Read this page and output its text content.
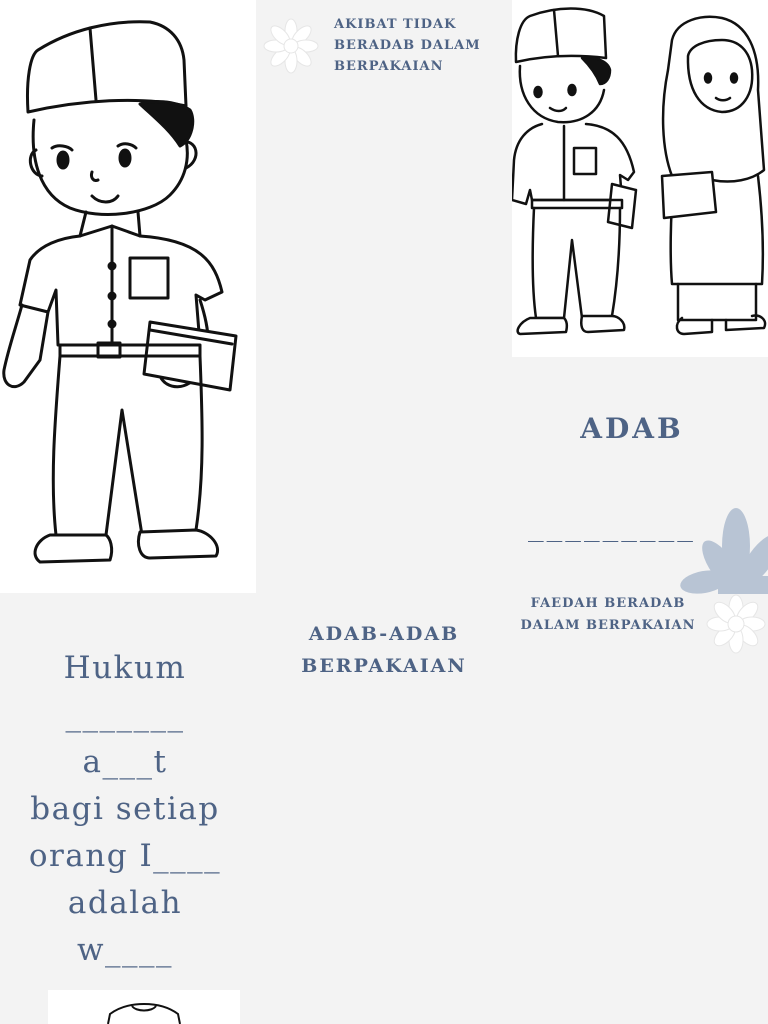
AKIBAT TIDAK BERADAB DALAM BERPAKAIAN

ADAB

_________

FAEDAH BERADAB DALAM BERPAKAIAN

ADAB-ADAB BERPAKAIAN

Hukum
_______
a___t
bagi setiap
orang I____
adalah
w____
